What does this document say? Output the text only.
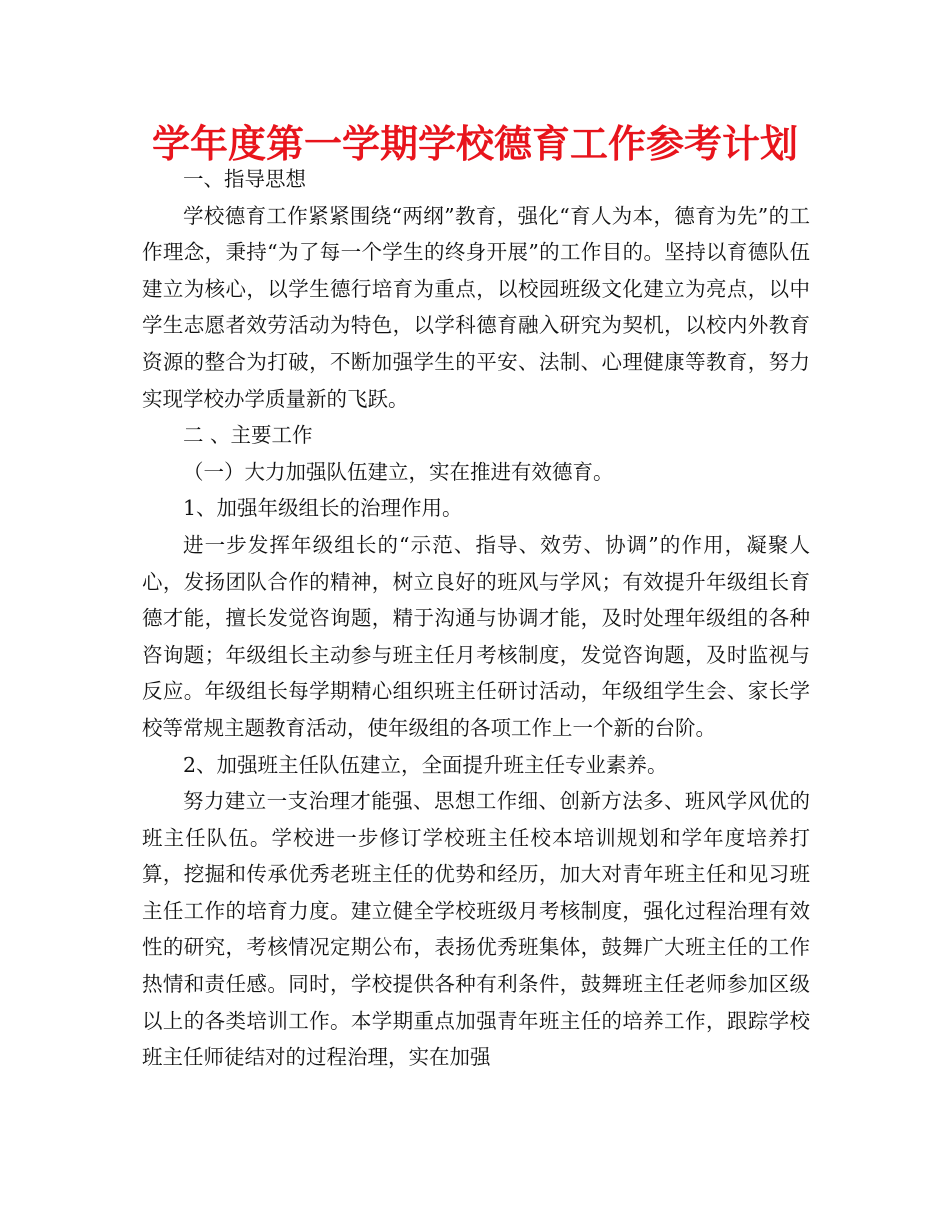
学年度第一学期学校德育工作参考计划

一、指导思想

学校德育工作紧紧围绕“两纲”教育，强化“育人为本，德育为先”的工作理念，秉持“为了每一个学生的终身开展”的工作目的。坚持以育德队伍建立为核心，以学生德行培育为重点，以校园班级文化建立为亮点，以中学生志愿者效劳活动为特色，以学科德育融入研究为契机，以校内外教育资源的整合为打破，不断加强学生的平安、法制、心理健康等教育，努力实现学校办学质量新的飞跃。

二 、主要工作

（一）大力加强队伍建立，实在推进有效德育。

1、加强年级组长的治理作用。

进一步发挥年级组长的“示范、指导、效劳、协调”的作用，凝聚人心，发扬团队合作的精神，树立良好的班风与学风；有效提升年级组长育德才能，擅长发觉咨询题，精于沟通与协调才能，及时处理年级组的各种咨询题；年级组长主动参与班主任月考核制度，发觉咨询题，及时监视与反应。年级组长每学期精心组织班主任研讨活动，年级组学生会、家长学校等常规主题教育活动，使年级组的各项工作上一个新的台阶。

2、加强班主任队伍建立，全面提升班主任专业素养。

努力建立一支治理才能强、思想工作细、创新方法多、班风学风优的班主任队伍。学校进一步修订学校班主任校本培训规划和学年度培养打算，挖掘和传承优秀老班主任的优势和经历，加大对青年班主任和见习班主任工作的培育力度。建立健全学校班级月考核制度，强化过程治理有效性的研究，考核情况定期公布，表扬优秀班集体，鼓舞广大班主任的工作热情和责任感。同时，学校提供各种有利条件，鼓舞班主任老师参加区级以上的各类培训工作。本学期重点加强青年班主任的培养工作，跟踪学校班主任师徒结对的过程治理，实在加强
